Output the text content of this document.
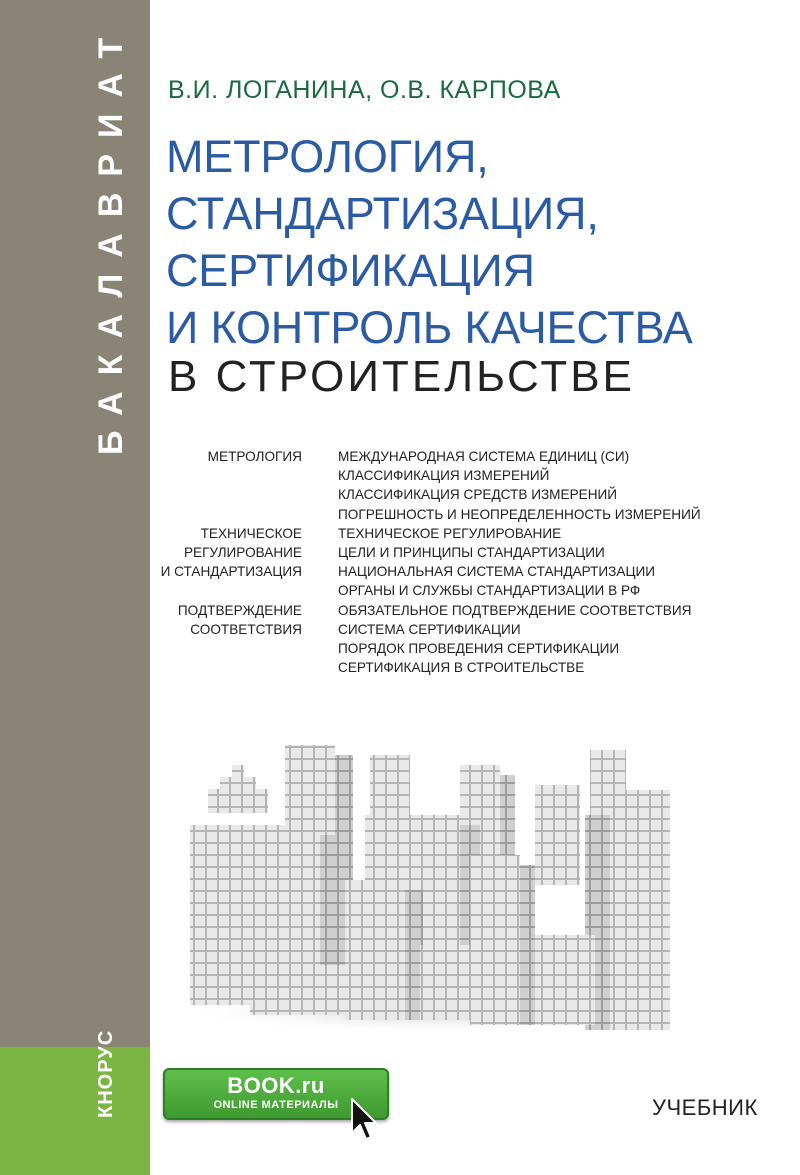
КНОРУС
В.И. ЛОГАНИНА, О.В. КАРПОВА
МЕТРОЛОГИЯ,
СТАНДАРТИЗАЦИЯ,
СЕРТИФИКАЦИЯ
И КОНТРОЛЬ КАЧЕСТВА
В СТРОИТЕЛЬСТВЕ
МЕТРОЛОГИЯ	МЕЖДУНАРОДНАЯ СИСТЕМА ЕДИНИЦ (СИ)
КЛАССИФИКАЦИЯ ИЗМЕРЕНИЙ
КЛАССИФИКАЦИЯ СРЕДСТВ ИЗМЕРЕНИЙ
ПОГРЕШНОСТЬ И НЕОПРЕДЕЛЕННОСТЬ ИЗМЕРЕНИЙ
ТЕХНИЧЕСКОЕ	ТЕХНИЧЕСКОЕ РЕГУЛИРОВАНИЕ
РЕГУЛИРОВАНИЕ	ЦЕЛИ И ПРИНЦИПЫ СТАНДАРТИЗАЦИИ
И СТАНДАРТИЗАЦИЯ	НАЦИОНАЛЬНАЯ СИСТЕМА СТАНДАРТИЗАЦИИ
ОРГАНЫ И СЛУЖБЫ СТАНДАРТИЗАЦИИ В РФ
ПОДТВЕРЖДЕНИЕ	ОБЯЗАТЕЛЬНОЕ ПОДТВЕРЖДЕНИЕ СООТВЕТСТВИЯ
СООТВЕТСТВИЯ	СИСТЕМА СЕРТИФИКАЦИИ
ПОРЯДОК ПРОВЕДЕНИЯ СЕРТИФИКАЦИИ
СЕРТИФИКАЦИЯ В СТРОИТЕЛЬСТВЕ
BOOK.ru
ONLINE МАТЕРИАЛЫ	УЧЕБНИК
